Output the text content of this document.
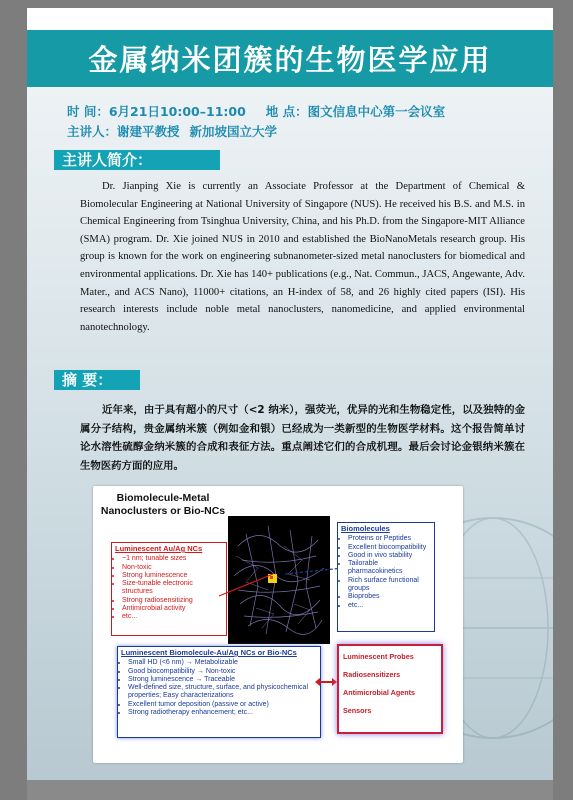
金属纳米团簇的生物医学应用
时 间：6月21日10:00–11:00 地 点：图文信息中心第一会议室
主讲人：谢建平教授 新加坡国立大学
主讲人简介：
Dr. Jianping Xie is currently an Associate Professor at the Department of Chemical & Biomolecular Engineering at National University of Singapore (NUS). He received his B.S. and M.S. in Chemical Engineering from Tsinghua University, China, and his Ph.D. from the Singapore-MIT Alliance (SMA) program. Dr. Xie joined NUS in 2010 and established the BioNanoMetals research group. His group is known for the work on engineering subnanometer-sized metal nanoclusters for biomedical and environmental applications. Dr. Xie has 140+ publications (e.g., Nat. Commun., JACS, Angewante, Adv. Mater., and ACS Nano), 11000+ citations, an H-index of 58, and 26 highly cited papers (ISI). His research interests include noble metal nanoclusters, nanomedicine, and applied environmental nanotechnology.
摘 要：
近年来，由于具有超小的尺寸（<2 纳米），强荧光，优异的光和生物稳定性，以及独特的金属分子结构，贵金属纳米簇（例如金和银）已经成为一类新型的生物医学材料。这个报告简单讨论水溶性硫醇金纳米簇的合成和表征方法。重点阐述它们的合成机理。最后会讨论金银纳米簇在生物医药方面的应用。
Biomolecule-Metal Nanoclusters or Bio-NCs
Luminescent Au/Ag NCs
• ~1 nm; tunable sizes
• Non-toxic
• Strong luminescence
• Size-tunable electronic structures
• Strong radiosensitizing
• Antimicrobial activity
• etc...
Biomolecules
• Proteins or Peptides
• Excellent biocompatibility
• Good in vivo stability
• Tailorable pharmacokinetics
• Rich surface functional groups
• Bioprobes
• etc...
Luminescent Biomolecule-Au/Ag NCs or Bio-NCs
• Small HD (<6 nm) → Metabolizable
• Good biocompatibility → Non-toxic
• Strong luminescence → Traceable
• Well-defined size, structure, surface, and physicochemical properties; Easy characterizations
• Excellent tumor deposition (passive or active)
• Strong radiotherapy enhancement; etc...
Luminescent Probes
Radiosensitizers
Antimicrobial Agents
Sensors
